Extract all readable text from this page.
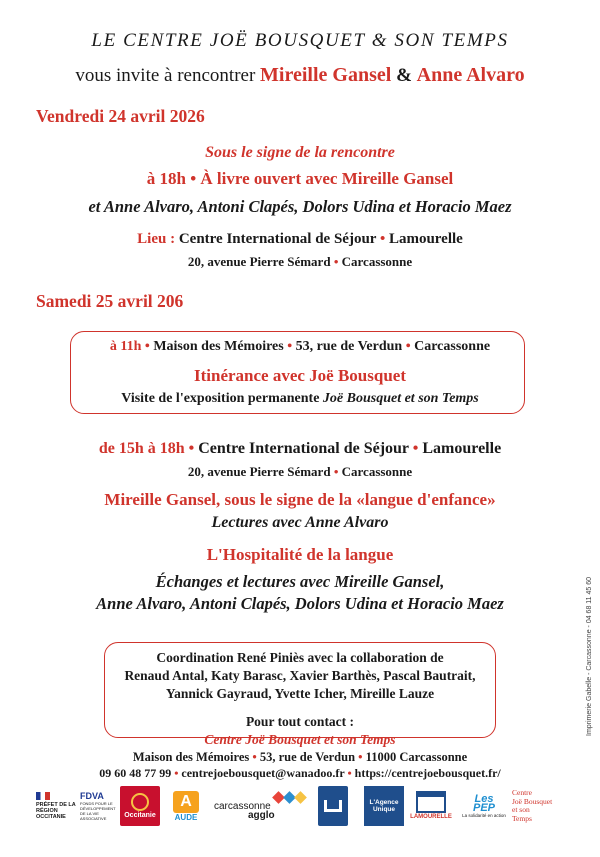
LE CENTRE JOË BOUSQUET & SON TEMPS
vous invite à rencontrer Mireille Gansel & Anne Alvaro
Vendredi 24 avril 2026
Sous le signe de la rencontre
à 18h • À livre ouvert avec Mireille Gansel
et Anne Alvaro, Antoni Clapés, Dolors Udina et Horacio Maez
Lieu : Centre International de Séjour • Lamourelle
20, avenue Pierre Sémard • Carcassonne
Samedi 25 avril 206
à 11h • Maison des Mémoires • 53, rue de Verdun • Carcassonne
Itinérance avec Joë Bousquet
Visite de l'exposition permanente Joë Bousquet et son Temps
de 15h à 18h • Centre International de Séjour • Lamourelle
20, avenue Pierre Sémard • Carcassonne
Mireille Gansel, sous le signe de la «langue d'enfance»
Lectures avec Anne Alvaro
L'Hospitalité de la langue
Échanges et lectures avec Mireille Gansel,
Anne Alvaro, Antoni Clapés, Dolors Udina et Horacio Maez
Coordination René Piniès avec la collaboration de
Renaud Antal, Katy Barasc, Xavier Barthès, Pascal Bautrait,
Yannick Gayraud, Yvette Icher, Mireille Lauze
Pour tout contact :
Centre Joë Bousquet et son Temps
Maison des Mémoires • 53, rue de Verdun • 11000 Carcassonne
09 60 48 77 99 • centrejoebousquet@wanadoo.fr • https://centrejoebousquet.fr/
Imprimerie Gabelle - Carcassonne - 04 68 11 45 60
PRÉFET DE LA RÉGION OCCITANIE
FDVA
FONDS POUR LE DÉVELOPPEMENT DE LA VIE ASSOCIATIVE	Occitanie
A
AUDE
carcassonne
agglo
L'Agence Unique
LAMOURELLE
Les PEP
La solidarité en action
Centre
Joë Bousquet
et son
Temps
